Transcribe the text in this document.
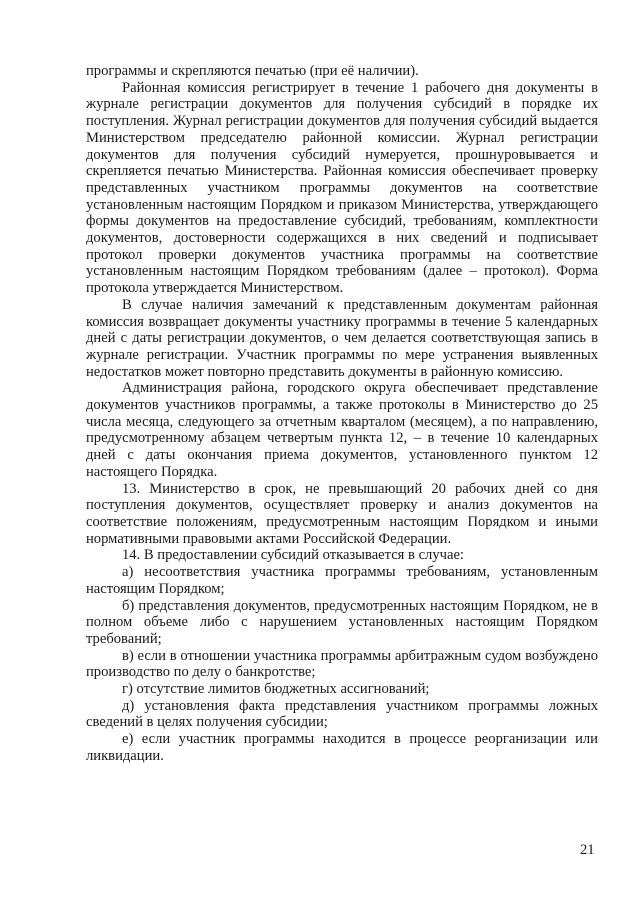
программы и скрепляются печатью (при её наличии).

Районная комиссия регистрирует в течение 1 рабочего дня документы в журнале регистрации документов для получения субсидий в порядке их поступления. Журнал регистрации документов для получения субсидий выдается Министерством председателю районной комиссии. Журнал регистрации документов для получения субсидий нумеруется, прошнуровывается и скрепляется печатью Министерства. Районная комиссия обеспечивает проверку представленных участником программы документов на соответствие установленным настоящим Порядком и приказом Министерства, утверждающего формы документов на предоставление субсидий, требованиям, комплектности документов, достоверности содержащихся в них сведений и подписывает протокол проверки документов участника программы на соответствие установленным настоящим Порядком требованиям (далее – протокол). Форма протокола утверждается Министерством.

В случае наличия замечаний к представленным документам районная комиссия возвращает документы участнику программы в течение 5 календарных дней с даты регистрации документов, о чем делается соответствующая запись в журнале регистрации. Участник программы по мере устранения выявленных недостатков может повторно представить документы в районную комиссию.

Администрация района, городского округа обеспечивает представление документов участников программы, а также протоколы в Министерство до 25 числа месяца, следующего за отчетным кварталом (месяцем), а по направлению, предусмотренному абзацем четвертым пункта 12, – в течение 10 календарных дней с даты окончания приема документов, установленного пунктом 12 настоящего Порядка.

13. Министерство в срок, не превышающий 20 рабочих дней со дня поступления документов, осуществляет проверку и анализ документов на соответствие положениям, предусмотренным настоящим Порядком и иными нормативными правовыми актами Российской Федерации.

14. В предоставлении субсидий отказывается в случае:

а) несоответствия участника программы требованиям, установленным настоящим Порядком;

б) представления документов, предусмотренных настоящим Порядком, не в полном объеме либо с нарушением установленных настоящим Порядком требований;

в) если в отношении участника программы арбитражным судом возбуждено производство по делу о банкротстве;

г) отсутствие лимитов бюджетных ассигнований;

д) установления факта представления участником программы ложных сведений в целях получения субсидии;

е) если участник программы находится в процессе реорганизации или ликвидации.

21
